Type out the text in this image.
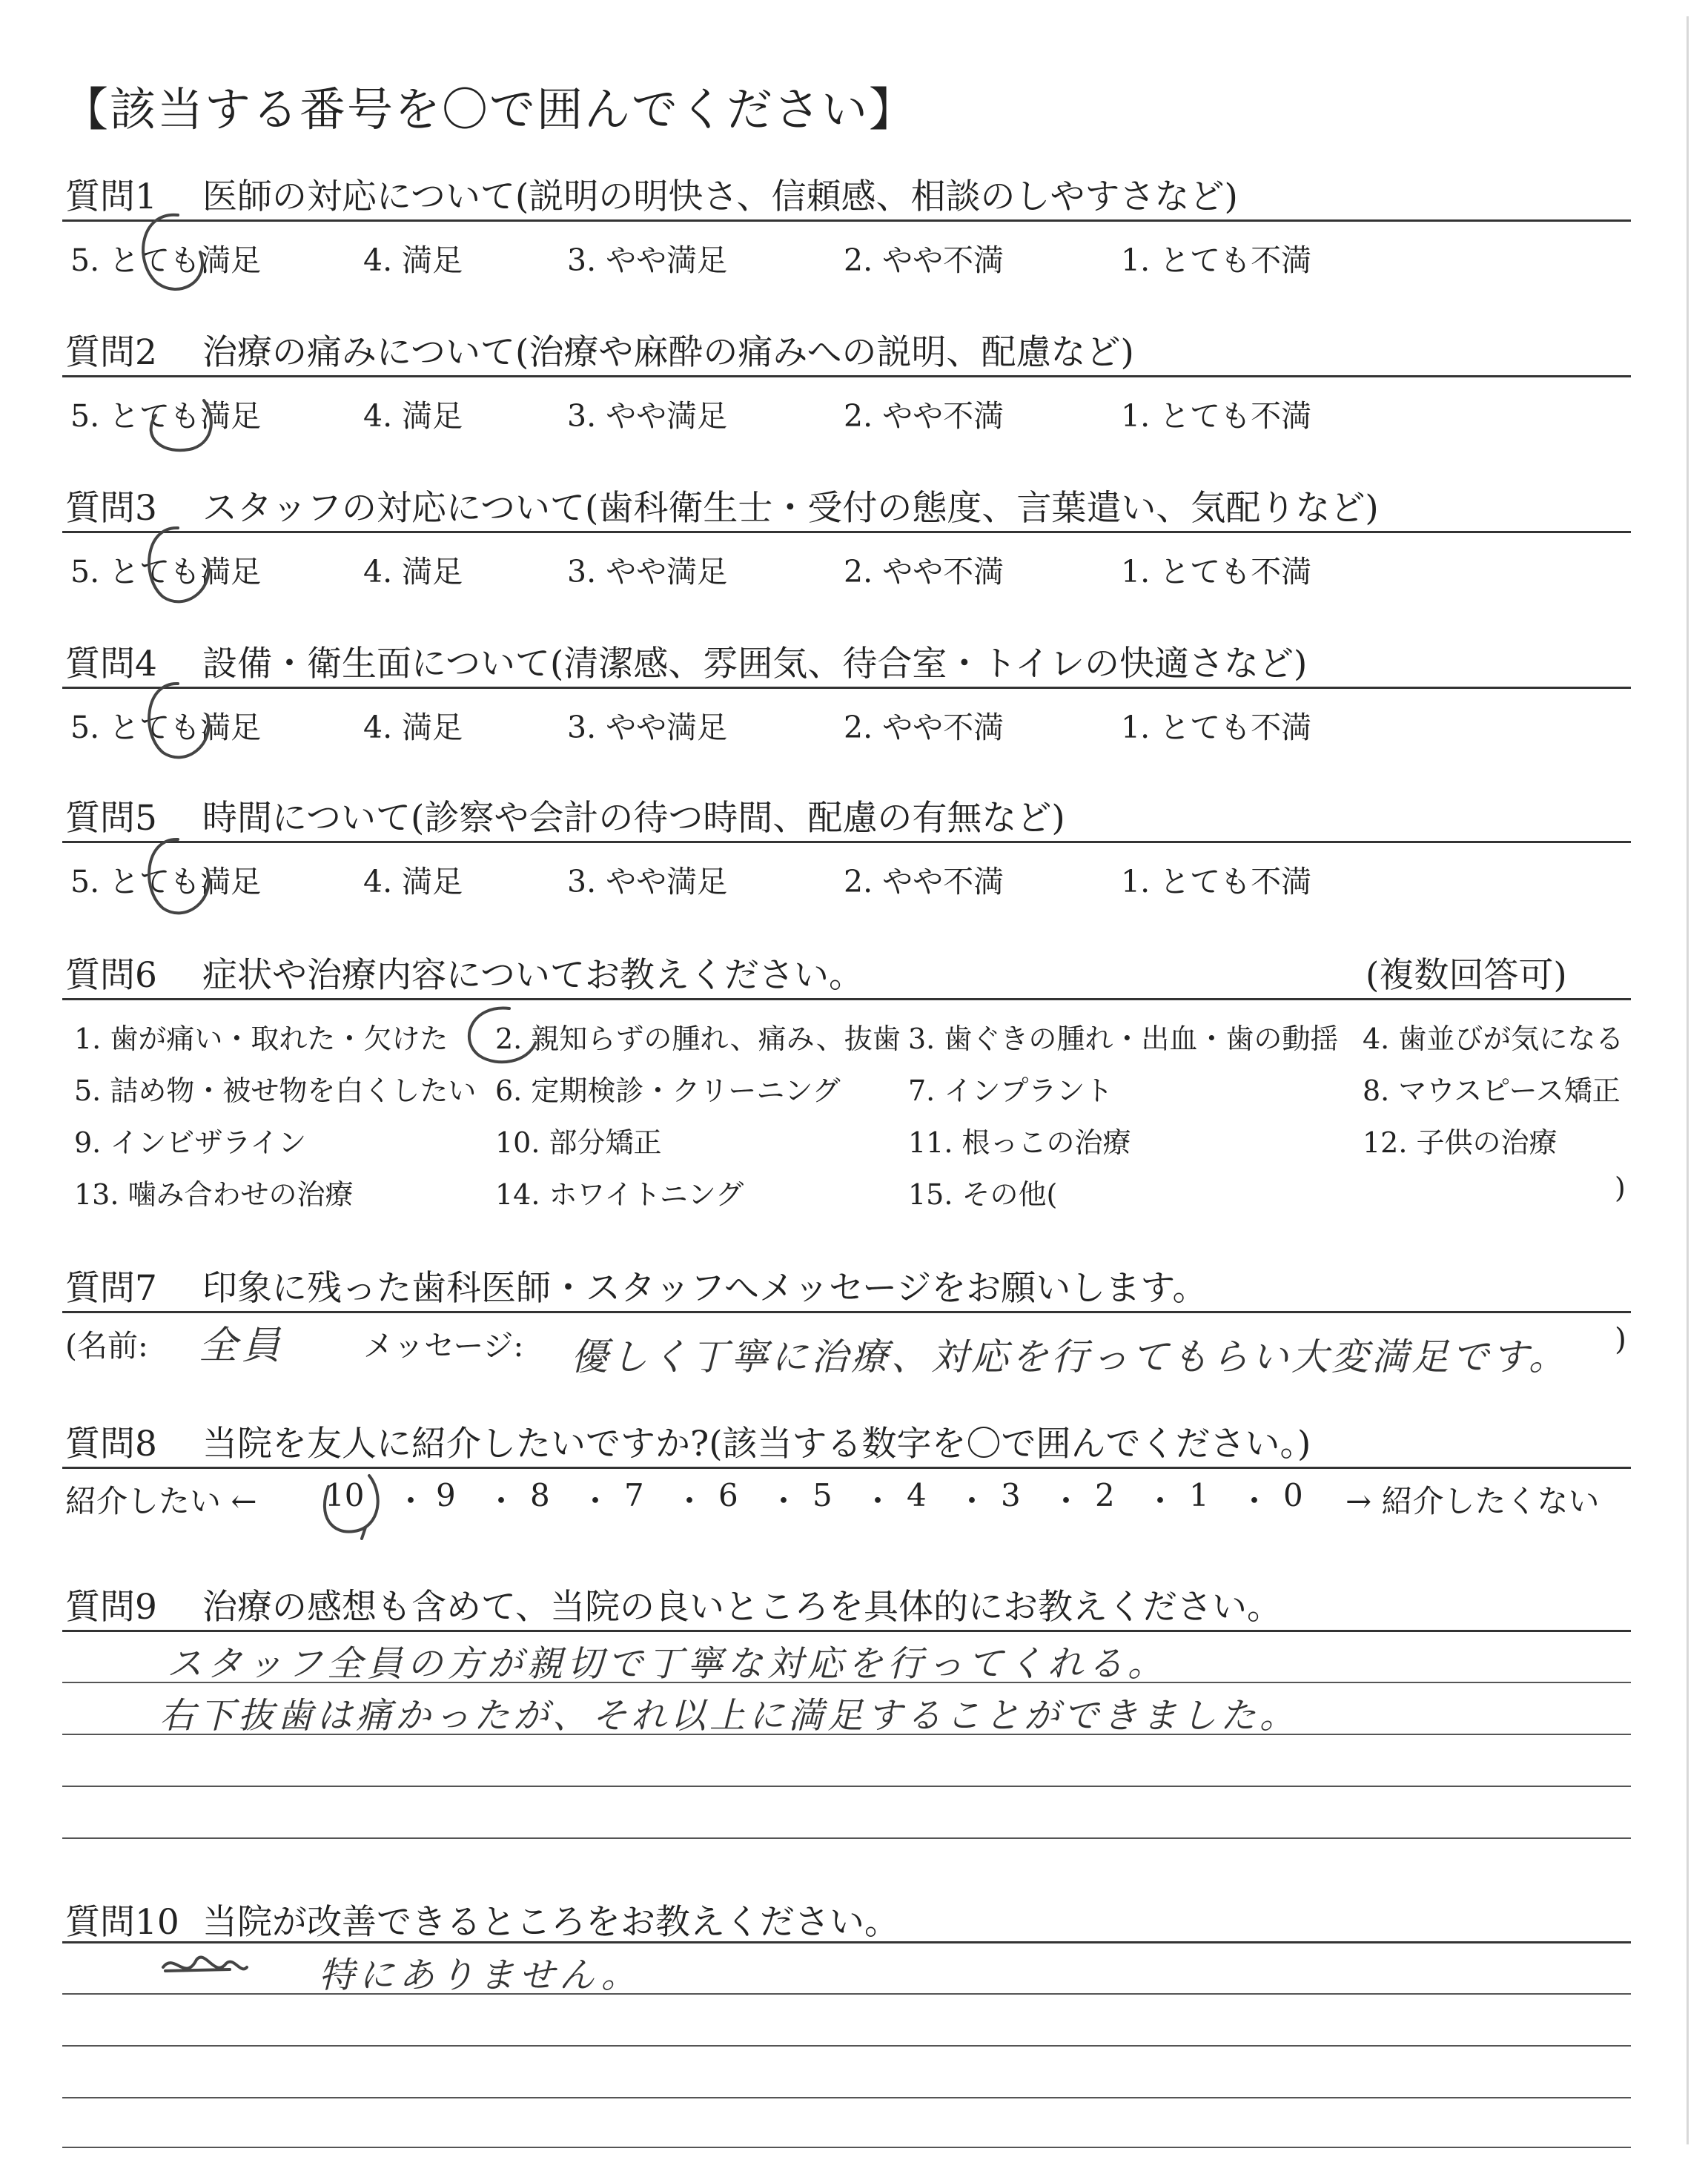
【該当する番号を〇で囲んでください】
質問1 医師の対応について(説明の明快さ、信頼感、相談のしやすさなど)
5. とても満足	4. 満足	3. やや満足	2. やや不満	1. とても不満
質問2 治療の痛みについて(治療や麻酔の痛みへの説明、配慮など)
5. とても満足	4. 満足	3. やや満足	2. やや不満	1. とても不満
質問3 スタッフの対応について(歯科衛生士・受付の態度、言葉遣い、気配りなど)
5. とても満足	4. 満足	3. やや満足	2. やや不満	1. とても不満
質問4 設備・衛生面について(清潔感、雰囲気、待合室・トイレの快適さなど)
5. とても満足	4. 満足	3. やや満足	2. やや不満	1. とても不満
質問5 時間について(診察や会計の待つ時間、配慮の有無など)
5. とても満足	4. 満足	3. やや満足	2. やや不満	1. とても不満
質問6 症状や治療内容についてお教えください。	(複数回答可)
1. 歯が痛い・取れた・欠けた 2. 親知らずの腫れ、痛み、抜歯 3. 歯ぐきの腫れ・出血・歯の動揺 4. 歯並びが気になる
5. 詰め物・被せ物を白くしたい 6. 定期検診・クリーニング 7. インプラント	8. マウスピース矯正
9. インビザライン	10. 部分矯正	11. 根っこの治療	12. 子供の治療
13. 噛み合わせの治療	14. ホワイトニング	15. その他(	)
質問7 印象に残った歯科医師・スタッフへメッセージをお願いします。
(名前: 全員	メッセージ: 優しく丁寧に治療、対応を行ってもらい大変満足です。 )
質問8 当院を友人に紹介したいですか?(該当する数字を〇で囲んでください。)
紹介したい ←	→ 紹介したくない
10 9 8 7 6 5 4 3 2 1 0
・ ・ ・ ・ ・ ・ ・ ・ ・ ・
質問9 治療の感想も含めて、当院の良いところを具体的にお教えください。
スタッフ全員の方が親切で丁寧な対応を行ってくれる。
右下抜歯は痛かったが、それ以上に満足することができました。
質問10 当院が改善できるところをお教えください。
特にありません。
